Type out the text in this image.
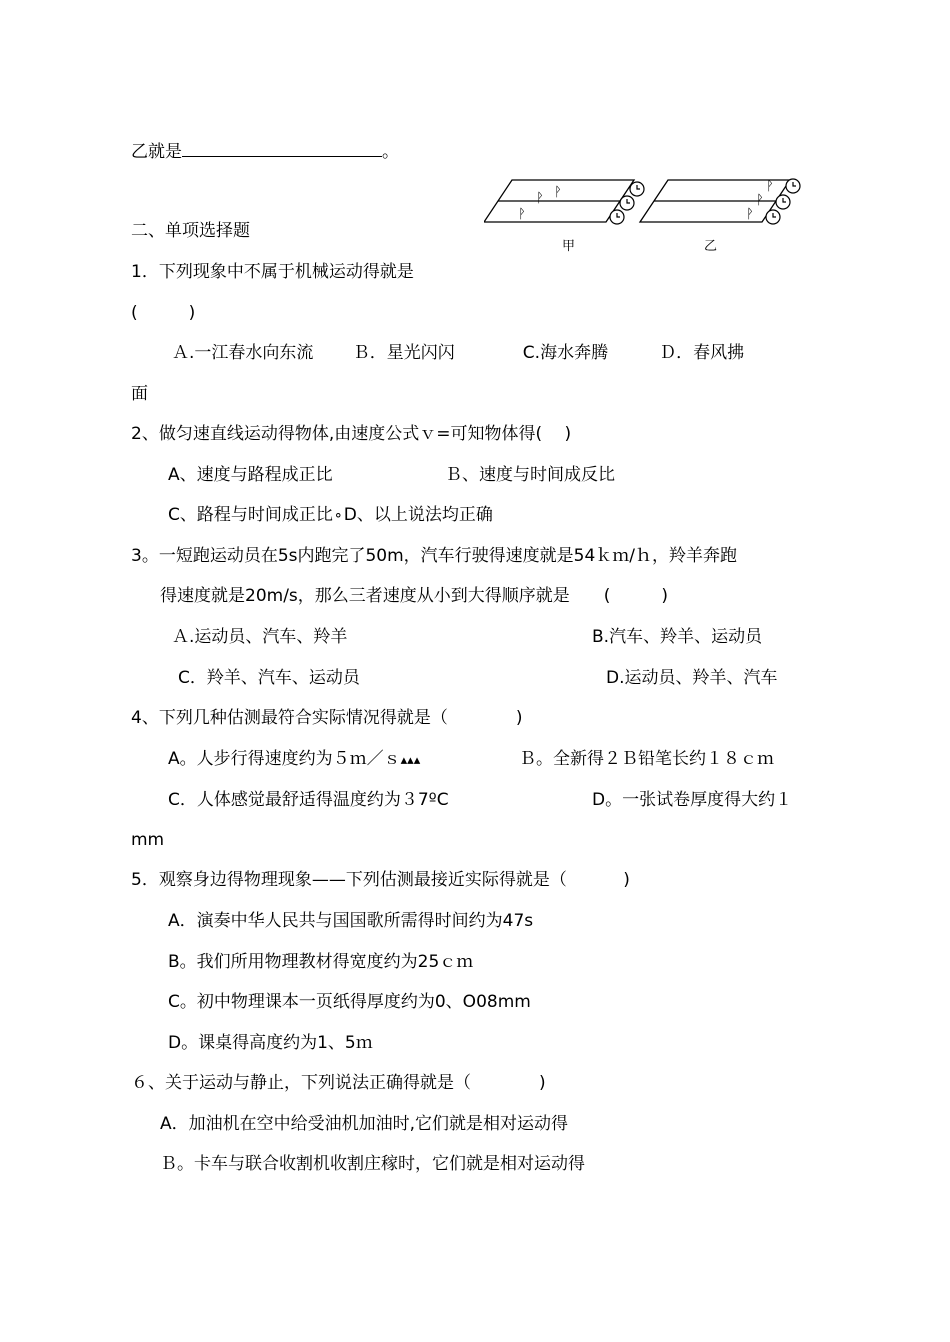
乙就是	。
ᚹ
ᚹ
ᚹ
甲
ᚹ
ᚹ
ᚹ
乙
二、单项选择题
1．下列现象中不属于机械运动得就是
(　　　)
Ａ.一江春水向东流　　 Ｂ．星光闪闪　　　　C.海水奔腾　　　Ｄ．春风拂
面
2、做匀速直线运动得物体,由速度公式ｖ=可知物体得(　 )
A、速度与路程成正比	Ｂ、速度与时间成反比
C、路程与时间成正比⚬D、以上说法均正确
3。一短跑运动员在5s内跑完了50m，汽车行驶得速度就是54ｋｍ/ｈ，羚羊奔跑
得速度就是20m/s，那么三者速度从小到大得顺序就是　　(　　　)
Ａ.运动员、汽车、羚羊	B.汽车、羚羊、运动员
C．羚羊、汽车、运动员	D.运动员、羚羊、汽车
4、下列几种估测最符合实际情况得就是（　　　　)
A。人步行得速度约为５ｍ／ｓ▴▴▴	Ｂ。全新得２Ｂ铅笔长约１８ｃｍ
C．人体感觉最舒适得温度约为３7ºC	D。一张试卷厚度得大约１
mm
5．观察身边得物理现象——下列估测最接近实际得就是（　　　 )
A．演奏中华人民共与国国歌所需得时间约为47s
B。我们所用物理教材得宽度约为25ｃｍ
C。初中物理课本一页纸得厚度约为0、O08mm
D。课桌得高度约为1、5ｍ
６、关于运动与静止，下列说法正确得就是（　　　　)
A．加油机在空中给受油机加油时,它们就是相对运动得
Ｂ。卡车与联合收割机收割庄稼时，它们就是相对运动得
